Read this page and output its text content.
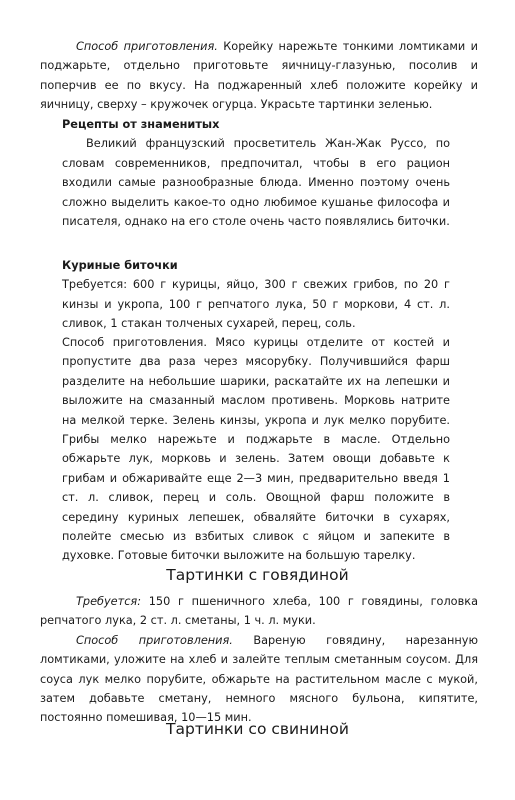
Способ приготовления. Корейку нарежьте тонкими ломтиками и поджарьте, отдельно приготовьте яичницу-глазунью, посолив и поперчив ее по вкусу. На поджаренный хлеб положите корейку и яичницу, сверху – кружочек огурца. Украсьте тартинки зеленью.

Рецепты от знаменитых

Великий французский просветитель Жан-Жак Руссо, по словам современников, предпочитал, чтобы в его рацион входили самые разнообразные блюда. Именно поэтому очень сложно выделить какое-то одно любимое кушанье философа и писателя, однако на его столе очень часто появлялись биточки.

Куриные биточки

Требуется: 600 г курицы, яйцо, 300 г свежих грибов, по 20 г кинзы и укропа, 100 г репчатого лука, 50 г моркови, 4 ст. л. сливок, 1 стакан толченых сухарей, перец, соль.

Способ приготовления. Мясо курицы отделите от костей и пропустите два раза через мясорубку. Получившийся фарш разделите на небольшие шарики, раскатайте их на лепешки и выложите на смазанный маслом противень. Морковь натрите на мелкой терке. Зелень кинзы, укропа и лук мелко порубите. Грибы мелко нарежьте и поджарьте в масле. Отдельно обжарьте лук, морковь и зелень. Затем овощи добавьте к грибам и обжаривайте еще 2—3 мин, предварительно введя 1 ст. л. сливок, перец и соль. Овощной фарш положите в середину куриных лепешек, обваляйте биточки в сухарях, полейте смесью из взбитых сливок с яйцом и запеките в духовке. Готовые биточки выложите на большую тарелку.

Тартинки с говядиной

Требуется: 150 г пшеничного хлеба, 100 г говядины, головка репчатого лука, 2 ст. л. сметаны, 1 ч. л. муки.

Способ приготовления. Вареную говядину, нарезанную ломтиками, уложите на хлеб и залейте теплым сметанным соусом. Для соуса лук мелко порубите, обжарьте на растительном масле с мукой, затем добавьте сметану, немного мясного бульона, кипятите, постоянно помешивая, 10—15 мин.

Тартинки со свининой
